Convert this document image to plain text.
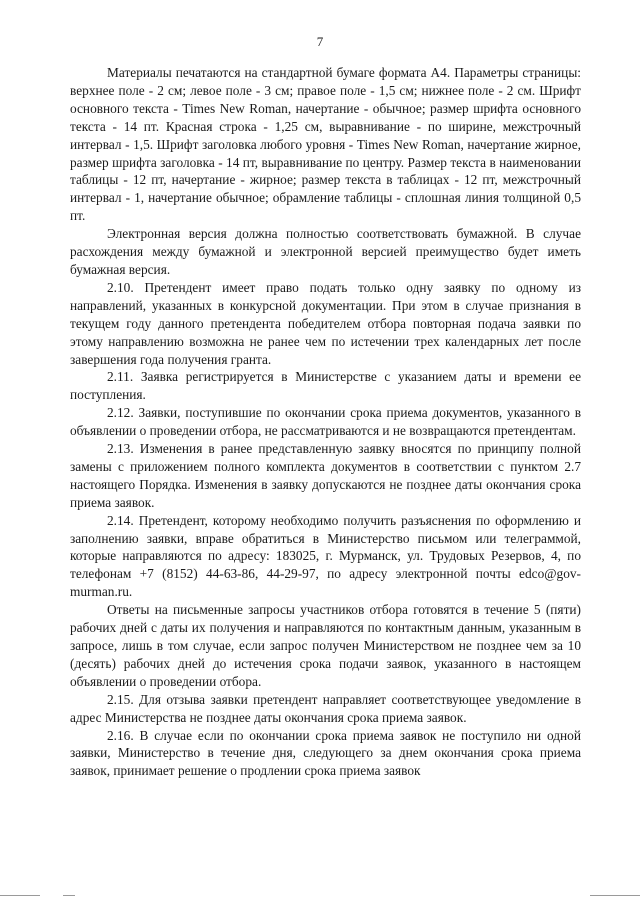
7

Материалы печатаются на стандартной бумаге формата А4. Параметры страницы: верхнее поле - 2 см; левое поле - 3 см; правое поле - 1,5 см; нижнее поле - 2 см. Шрифт основного текста - Times New Roman, начертание - обычное; размер шрифта основного текста - 14 пт. Красная строка - 1,25 см, выравнивание - по ширине, межстрочный интервал - 1,5. Шрифт заголовка любого уровня - Times New Roman, начертание жирное, размер шрифта заголовка - 14 пт, выравнивание по центру. Размер текста в наименовании таблицы - 12 пт, начертание - жирное; размер текста в таблицах - 12 пт, межстрочный интервал - 1, начертание обычное; обрамление таблицы - сплошная линия толщиной 0,5 пт.

Электронная версия должна полностью соответствовать бумажной. В случае расхождения между бумажной и электронной версией преимущество будет иметь бумажная версия.

2.10. Претендент имеет право подать только одну заявку по одному из направлений, указанных в конкурсной документации. При этом в случае признания в текущем году данного претендента победителем отбора повторная подача заявки по этому направлению возможна не ранее чем по истечении трех календарных лет после завершения года получения гранта.

2.11. Заявка регистрируется в Министерстве с указанием даты и времени ее поступления.

2.12. Заявки, поступившие по окончании срока приема документов, указанного в объявлении о проведении отбора, не рассматриваются и не возвращаются претендентам.

2.13. Изменения в ранее представленную заявку вносятся по принципу полной замены с приложением полного комплекта документов в соответствии с пунктом 2.7 настоящего Порядка. Изменения в заявку допускаются не позднее даты окончания срока приема заявок.

2.14. Претендент, которому необходимо получить разъяснения по оформлению и заполнению заявки, вправе обратиться в Министерство письмом или телеграммой, которые направляются по адресу: 183025, г. Мурманск, ул. Трудовых Резервов, 4, по телефонам +7 (8152) 44-63-86, 44-29-97, по адресу электронной почты edco@gov-murman.ru.

Ответы на письменные запросы участников отбора готовятся в течение 5 (пяти) рабочих дней с даты их получения и направляются по контактным данным, указанным в запросе, лишь в том случае, если запрос получен Министерством не позднее чем за 10 (десять) рабочих дней до истечения срока подачи заявок, указанного в настоящем объявлении о проведении отбора.

2.15. Для отзыва заявки претендент направляет соответствующее уведомление в адрес Министерства не позднее даты окончания срока приема заявок.

2.16. В случае если по окончании срока приема заявок не поступило ни одной заявки, Министерство в течение дня, следующего за днем окончания срока приема заявок, принимает решение о продлении срока приема заявок
